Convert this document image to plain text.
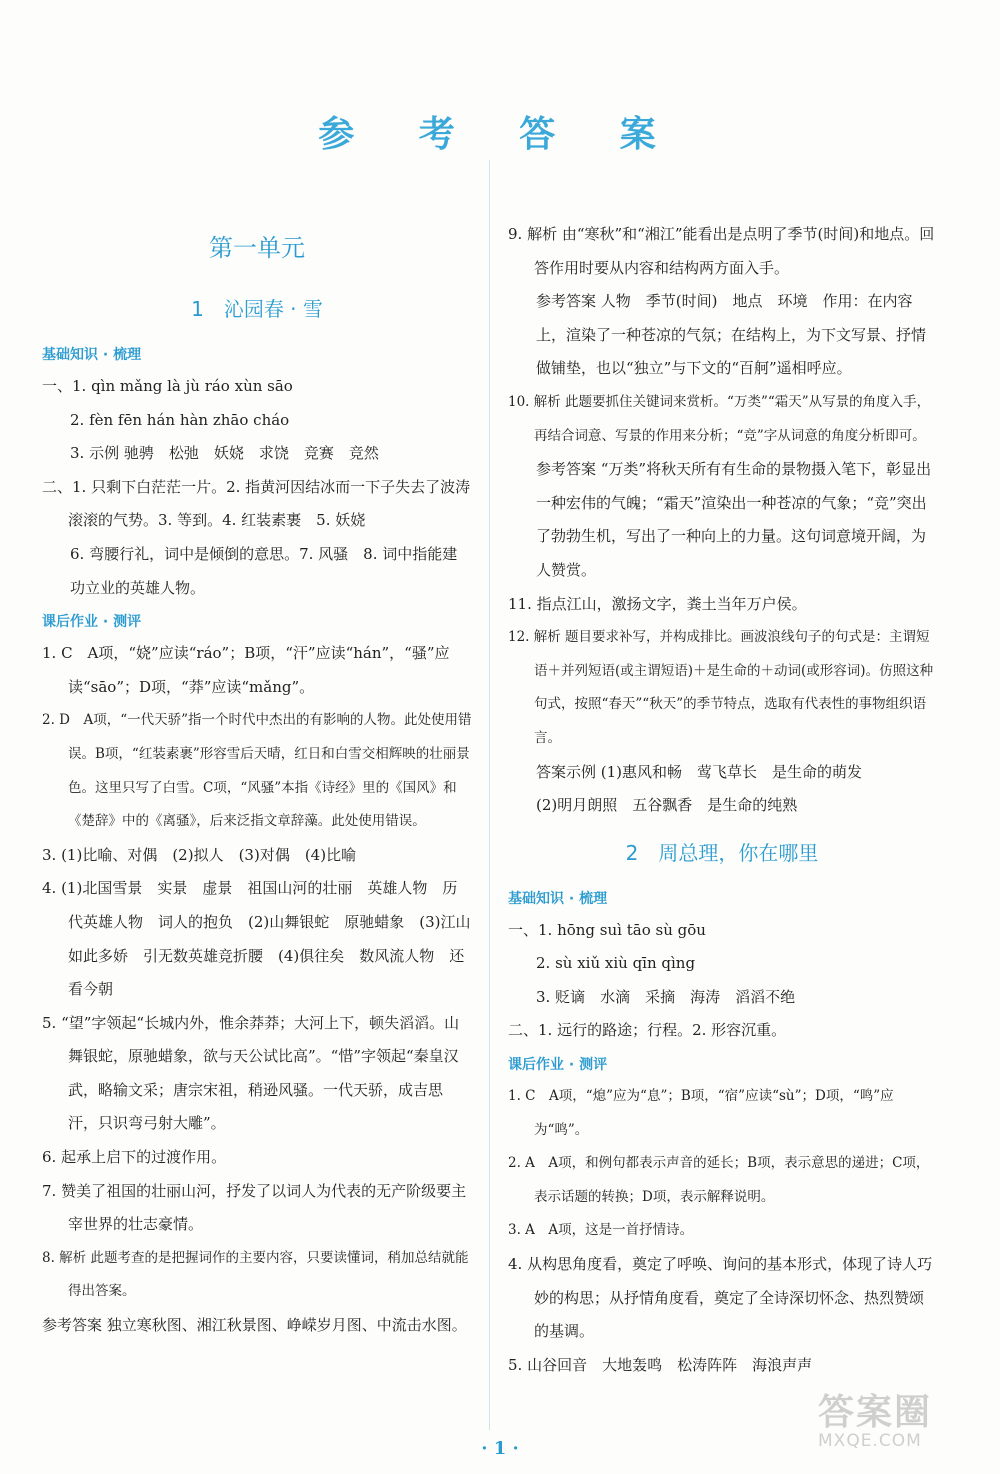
参 考 答 案
第一单元
1　沁园春 · 雪
基础知识 · 梳理
一、1. qìn mǎng là jù ráo xùn sāo
2. fèn fēn hán hàn zhāo cháo
3. 示例 驰骋　松弛　妖娆　求饶　竞赛　竞然
二、1. 只剩下白茫茫一片。2. 指黄河因结冰而一下子失去了波涛滚滚的气势。3. 等到。4. 红装素裹　5. 妖娆
6. 弯腰行礼，词中是倾倒的意思。7. 风骚　8. 词中指能建功立业的英雄人物。
课后作业 · 测评
1. C　A项，“娆”应读“ráo”；B项，“汗”应读“hán”，“骚”应读“sāo”；D项，“莽”应读“mǎng”。
2. D　A项，“一代天骄”指一个时代中杰出的有影响的人物。此处使用错误。B项，“红装素裹”形容雪后天晴，红日和白雪交相辉映的壮丽景色。这里只写了白雪。C项，“风骚”本指《诗经》里的《国风》和《楚辞》中的《离骚》，后来泛指文章辞藻。此处使用错误。
3. (1)比喻、对偶　(2)拟人　(3)对偶　(4)比喻
4. (1)北国雪景　实景　虚景　祖国山河的壮丽　英雄人物　历代英雄人物　词人的抱负　(2)山舞银蛇　原驰蜡象　(3)江山如此多娇　引无数英雄竞折腰　(4)俱往矣　数风流人物　还看今朝
5. “望”字领起“长城内外，惟余莽莽；大河上下，顿失滔滔。山舞银蛇，原驰蜡象，欲与天公试比高”。“惜”字领起“秦皇汉武，略输文采；唐宗宋祖，稍逊风骚。一代天骄，成吉思汗，只识弯弓射大雕”。
6. 起承上启下的过渡作用。
7. 赞美了祖国的壮丽山河，抒发了以词人为代表的无产阶级要主宰世界的壮志豪情。
8. 解析 此题考查的是把握词作的主要内容，只要读懂词，稍加总结就能得出答案。
参考答案 独立寒秋图、湘江秋景图、峥嵘岁月图、中流击水图。
9. 解析 由“寒秋”和“湘江”能看出是点明了季节(时间)和地点。回答作用时要从内容和结构两方面入手。
参考答案 人物　季节(时间)　地点　环境　作用：在内容上，渲染了一种苍凉的气氛；在结构上，为下文写景、抒情做铺垫，也以“独立”与下文的“百舸”遥相呼应。
10. 解析 此题要抓住关键词来赏析。“万类”“霜天”从写景的角度入手，再结合词意、写景的作用来分析；“竞”字从词意的角度分析即可。
参考答案 “万类”将秋天所有有生命的景物摄入笔下，彰显出一种宏伟的气魄；“霜天”渲染出一种苍凉的气象；“竞”突出了勃勃生机，写出了一种向上的力量。这句词意境开阔，为人赞赏。
11. 指点江山，激扬文字，粪土当年万户侯。
12. 解析 题目要求补写，并构成排比。画波浪线句子的句式是：主谓短语＋并列短语(或主谓短语)＋是生命的＋动词(或形容词)。仿照这种句式，按照“春天”“秋天”的季节特点，选取有代表性的事物组织语言。
答案示例 (1)惠风和畅　莺飞草长　是生命的萌发
(2)明月朗照　五谷飘香　是生命的纯熟
2　周总理，你在哪里
基础知识 · 梳理
一、1. hōng suì tāo sù gōu
2. sù xiǔ xiù qīn qìng
3. 贬谪　水滴　采摘　海涛　滔滔不绝
二、1. 远行的路途；行程。2. 形容沉重。
课后作业 · 测评
1. C　A项，“熄”应为“息”；B项，“宿”应读“sù”；D项，“鸣”应为“鸣”。
2. A　A项，和例句都表示声音的延长；B项，表示意思的递进；C项，表示话题的转换；D项，表示解释说明。
3. A　A项，这是一首抒情诗。
4. 从构思角度看，奠定了呼唤、询问的基本形式，体现了诗人巧妙的构思；从抒情角度看，奠定了全诗深切怀念、热烈赞颂的基调。
5. 山谷回音　大地轰鸣　松涛阵阵　海浪声声
· 1 ·
答案圈
MXQE.COM
